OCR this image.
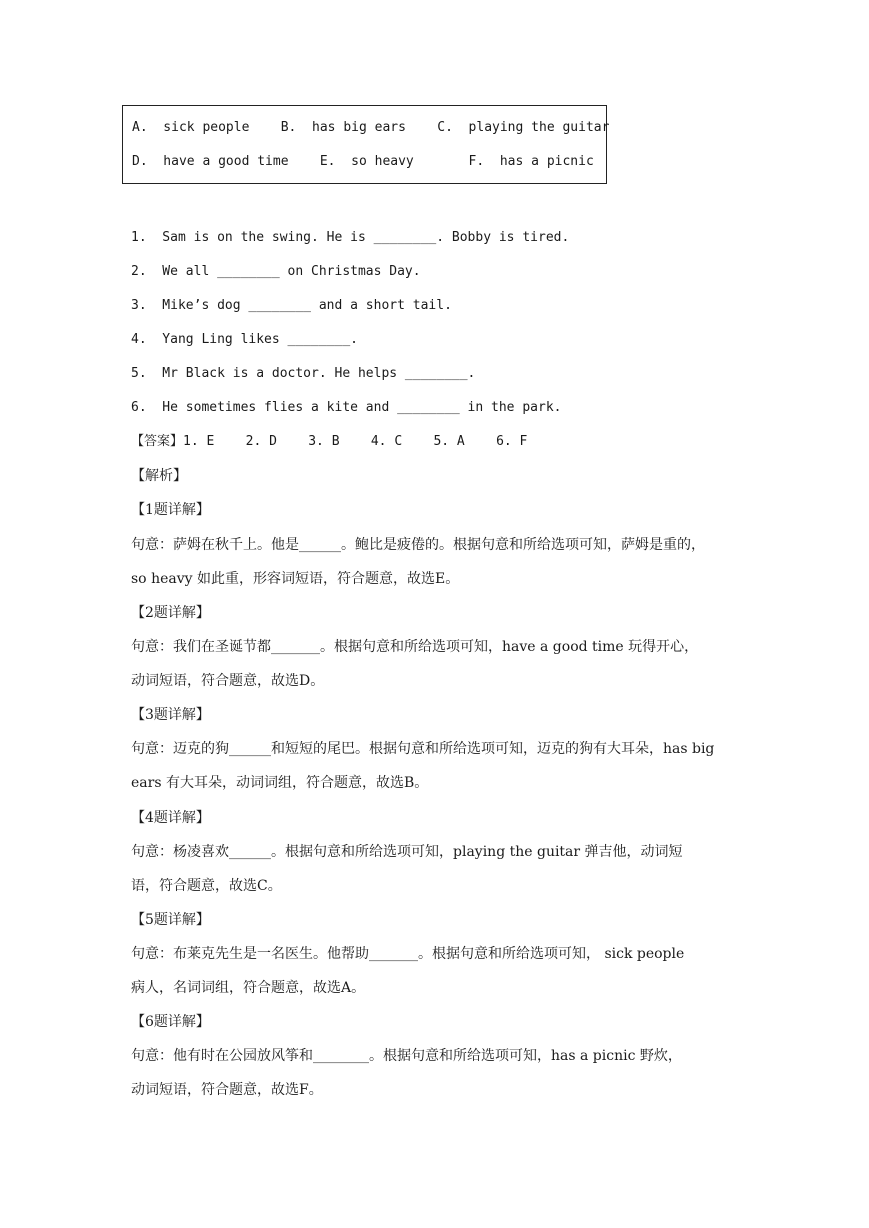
A.  sick people    B.  has big ears    C.  playing the guitar
D.  have a good time    E.  so heavy       F.  has a picnic
1.  Sam is on the swing. He is ________. Bobby is tired.
2.  We all ________ on Christmas Day.
3.  Mike’s dog ________ and a short tail.
4.  Yang Ling likes ________.
5.  Mr Black is a doctor. He helps ________.
6.  He sometimes flies a kite and ________ in the park.
【答案】1. E    2. D    3. B    4. C    5. A    6. F
【解析】
【1题详解】
句意：萨姆在秋千上。他是______。鲍比是疲倦的。根据句意和所给选项可知，萨姆是重的，
so heavy 如此重，形容词短语，符合题意，故选E。
【2题详解】
句意：我们在圣诞节都_______。根据句意和所给选项可知，have a good time 玩得开心，
动词短语，符合题意，故选D。
【3题详解】
句意：迈克的狗______和短短的尾巴。根据句意和所给选项可知，迈克的狗有大耳朵，has big
ears 有大耳朵，动词词组，符合题意，故选B。
【4题详解】
句意：杨凌喜欢______。根据句意和所给选项可知，playing the guitar 弹吉他，动词短
语，符合题意，故选C。
【5题详解】
句意：布莱克先生是一名医生。他帮助_______。根据句意和所给选项可知， sick people
病人，名词词组，符合题意，故选A。
【6题详解】
句意：他有时在公园放风筝和________。根据句意和所给选项可知，has a picnic 野炊，
动词短语，符合题意，故选F。
